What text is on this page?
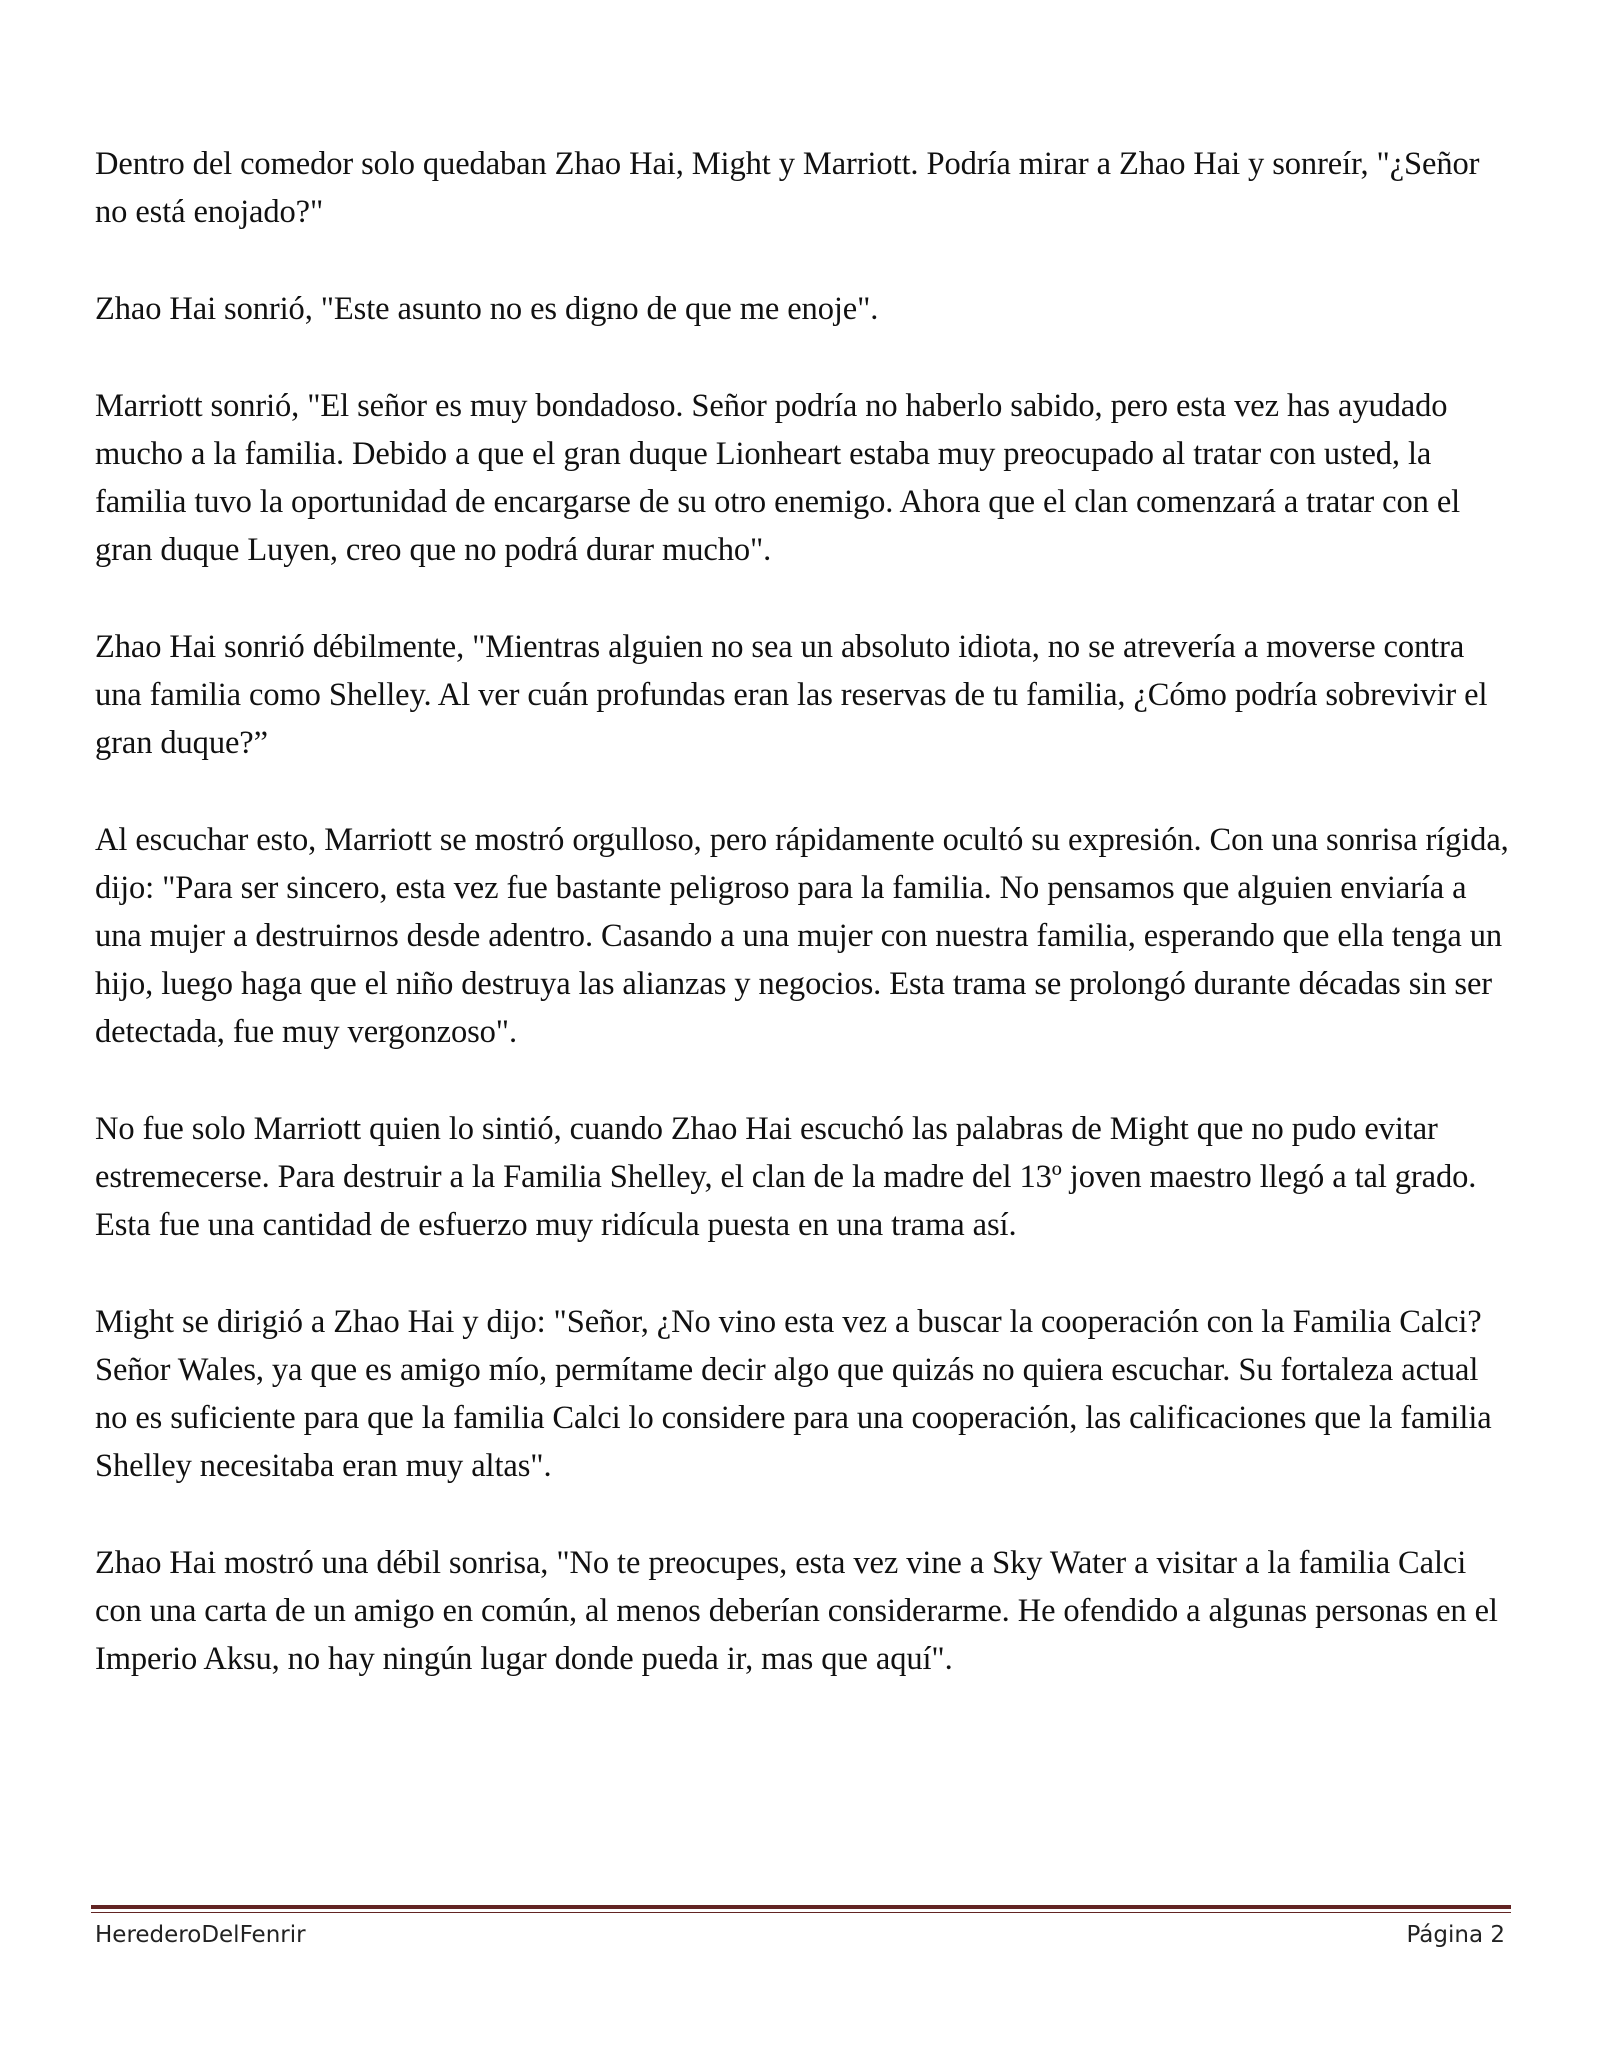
Dentro del comedor solo quedaban Zhao Hai, Might y Marriott. Podría mirar a Zhao Hai y sonreír, "¿Señor no está enojado?"

Zhao Hai sonrió, "Este asunto no es digno de que me enoje".

Marriott sonrió, "El señor es muy bondadoso. Señor podría no haberlo sabido, pero esta vez has ayudado mucho a la familia. Debido a que el gran duque Lionheart estaba muy preocupado al tratar con usted, la familia tuvo la oportunidad de encargarse de su otro enemigo. Ahora que el clan comenzará a tratar con el gran duque Luyen, creo que no podrá durar mucho".

Zhao Hai sonrió débilmente, "Mientras alguien no sea un absoluto idiota, no se atrevería a moverse contra una familia como Shelley. Al ver cuán profundas eran las reservas de tu familia, ¿Cómo podría sobrevivir el gran duque?”

Al escuchar esto, Marriott se mostró orgulloso, pero rápidamente ocultó su expresión. Con una sonrisa rígida, dijo: "Para ser sincero, esta vez fue bastante peligroso para la familia. No pensamos que alguien enviaría a una mujer a destruirnos desde adentro. Casando a una mujer con nuestra familia, esperando que ella tenga un hijo, luego haga que el niño destruya las alianzas y negocios. Esta trama se prolongó durante décadas sin ser detectada, fue muy vergonzoso".

No fue solo Marriott quien lo sintió, cuando Zhao Hai escuchó las palabras de Might que no pudo evitar estremecerse. Para destruir a la Familia Shelley, el clan de la madre del 13º joven maestro llegó a tal grado. Esta fue una cantidad de esfuerzo muy ridícula puesta en una trama así.

Might se dirigió a Zhao Hai y dijo: "Señor, ¿No vino esta vez a buscar la cooperación con la Familia Calci? Señor Wales, ya que es amigo mío, permítame decir algo que quizás no quiera escuchar. Su fortaleza actual no es suficiente para que la familia Calci lo considere para una cooperación, las calificaciones que la familia Shelley necesitaba eran muy altas".

Zhao Hai mostró una débil sonrisa, "No te preocupes, esta vez vine a Sky Water a visitar a la familia Calci con una carta de un amigo en común, al menos deberían considerarme. He ofendido a algunas personas en el Imperio Aksu, no hay ningún lugar donde pueda ir, mas que aquí".

HerederoDelFenrir	Página 2
